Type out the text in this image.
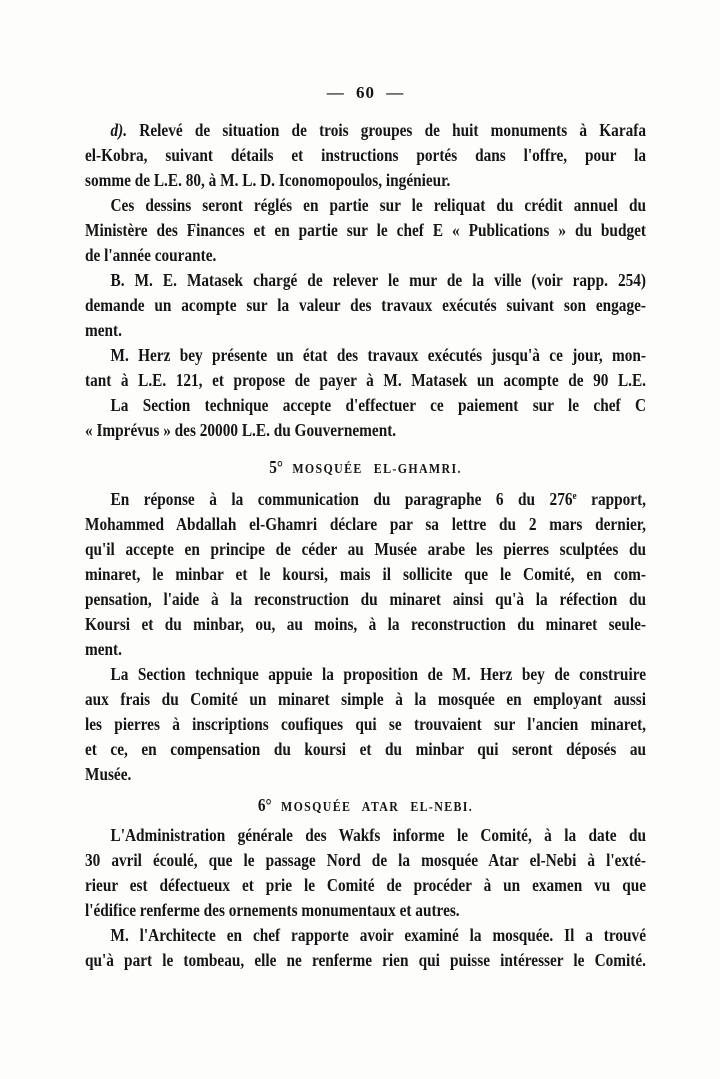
— 60 —
d). Relevé de situation de trois groupes de huit monuments à Karafa
el-Kobra, suivant détails et instructions portés dans l'offre, pour la
somme de L.E. 80, à M. L. D. Iconomopoulos, ingénieur.
Ces dessins seront réglés en partie sur le reliquat du crédit annuel du
Ministère des Finances et en partie sur le chef E « Publications » du budget
de l'année courante.
B. M. E. Matasek chargé de relever le mur de la ville (voir rapp. 254)
demande un acompte sur la valeur des travaux exécutés suivant son engage-
ment.
M. Herz bey présente un état des travaux exécutés jusqu'à ce jour, mon-
tant à L.E. 121, et propose de payer à M. Matasek un acompte de 90 L.E.
La Section technique accepte d'effectuer ce paiement sur le chef C
« Imprévus » des 20000 L.E. du Gouvernement.
5° MOSQUÉE EL-GHAMRI.
En réponse à la communication du paragraphe 6 du 276e rapport,
Mohammed Abdallah el-Ghamri déclare par sa lettre du 2 mars dernier,
qu'il accepte en principe de céder au Musée arabe les pierres sculptées du
minaret, le minbar et le koursi, mais il sollicite que le Comité, en com-
pensation, l'aide à la reconstruction du minaret ainsi qu'à la réfection du
Koursi et du minbar, ou, au moins, à la reconstruction du minaret seule-
ment.
La Section technique appuie la proposition de M. Herz bey de construire
aux frais du Comité un minaret simple à la mosquée en employant aussi
les pierres à inscriptions coufiques qui se trouvaient sur l'ancien minaret,
et ce, en compensation du koursi et du minbar qui seront déposés au
Musée.
6° MOSQUÉE ATAR EL-NEBI.
L'Administration générale des Wakfs informe le Comité, à la date du
30 avril écoulé, que le passage Nord de la mosquée Atar el-Nebi à l'exté-
rieur est défectueux et prie le Comité de procéder à un examen vu que
l'édifice renferme des ornements monumentaux et autres.
M. l'Architecte en chef rapporte avoir examiné la mosquée. Il a trouvé
qu'à part le tombeau, elle ne renferme rien qui puisse intéresser le Comité.
